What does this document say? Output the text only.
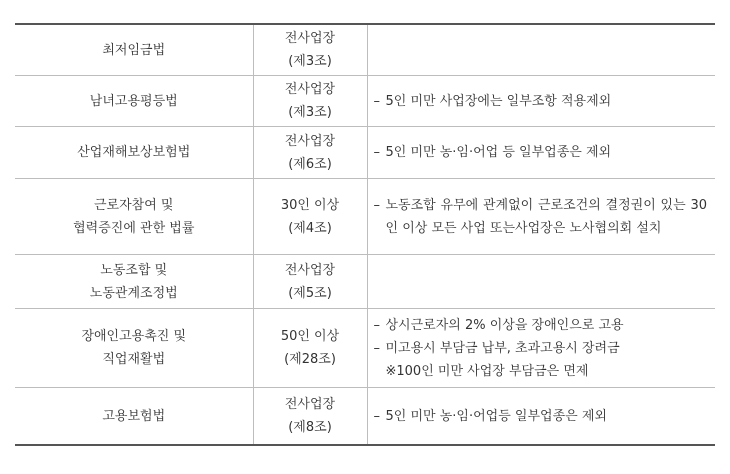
최저임금법	전사업장
(제3조)	

남녀고용평등법	전사업장
(제3조)	– 5인 미만 사업장에는 일부조항 적용제외

산업재해보상보험법	전사업장
(제6조)	– 5인 미만 농·임·어업 등 일부업종은 제외

근로자참여 및
협력증진에 관한 법률	30인 이상
(제4조)	– 노동조합 유무에 관계없이 근로조건의 결정권이 있는 30인 이상 모든 사업 또는사업장은 노사협의회 설치

노동조합 및
노동관계조정법	전사업장
(제5조)	

장애인고용촉진 및
직업재활법	50인 이상
(제28조)	– 상시근로자의 2% 이상을 장애인으로 고용
– 미고용시 부담금 납부, 초과고용시 장려금
※100인 미만 사업장 부담금은 면제

고용보험법	전사업장
(제8조)	– 5인 미만 농·임·어업등 일부업종은 제외
